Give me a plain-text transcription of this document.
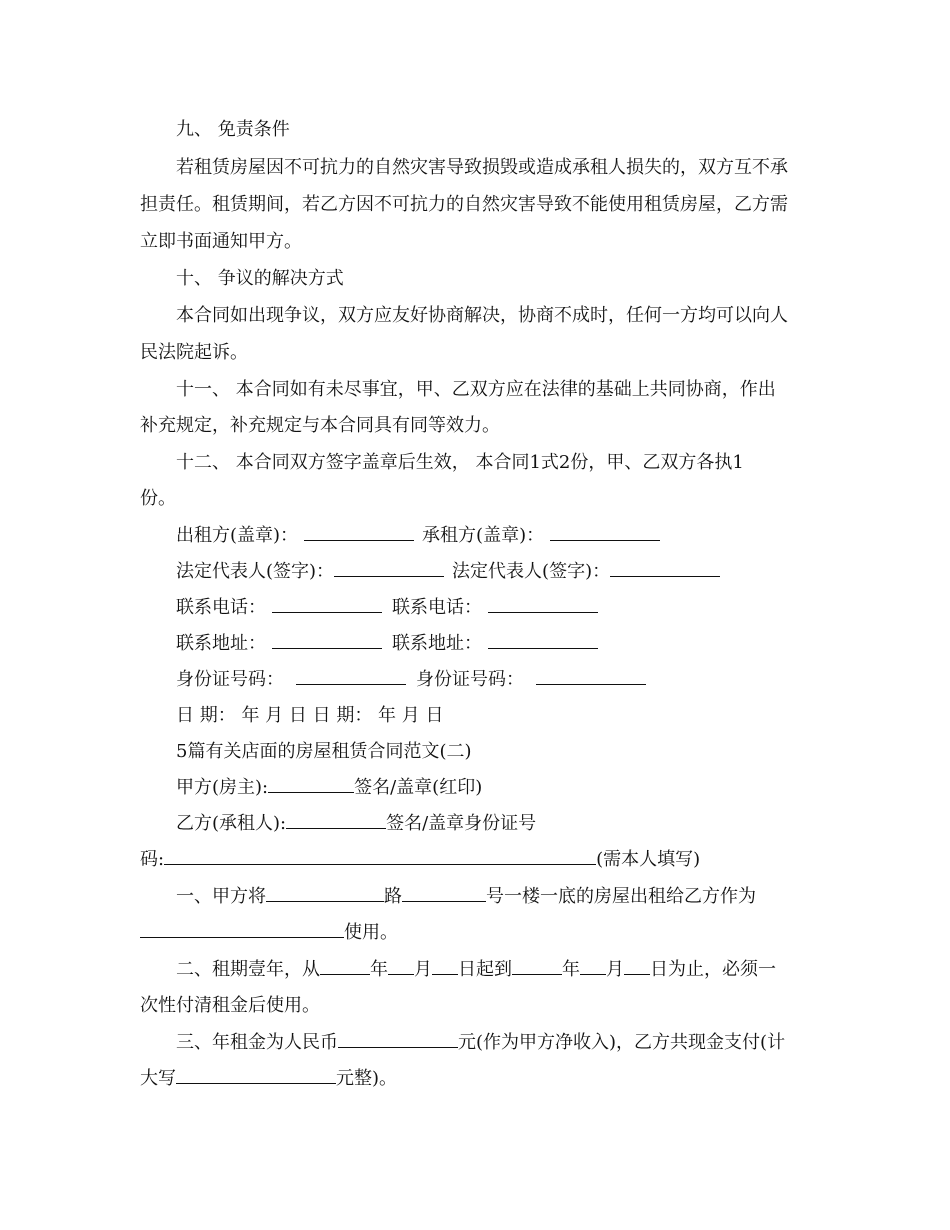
九、 免责条件
若租赁房屋因不可抗力的自然灾害导致损毁或造成承租人损失的，双方互不承
担责任。租赁期间，若乙方因不可抗力的自然灾害导致不能使用租赁房屋，乙方需
立即书面通知甲方。
十、 争议的解决方式
本合同如出现争议，双方应友好协商解决，协商不成时，任何一方均可以向人
民法院起诉。
十一、 本合同如有未尽事宜，甲、乙双方应在法律的基础上共同协商，作出
补充规定，补充规定与本合同具有同等效力。
十二、 本合同双方签字盖章后生效， 本合同1式2份，甲、乙双方各执1
份。
出租方(盖章)：	承租方(盖章)：
法定代表人(签字)：	法定代表人(签字)：
联系电话：	联系电话：
联系地址：	联系地址：
身份证号码：	身份证号码：
日 期： 年 月 日 日 期： 年 月 日
5篇有关店面的房屋租赁合同范文(二)
甲方(房主):	签名/盖章(红印)
乙方(承租人):	签名/盖章身份证号
码:	(需本人填写)
一、甲方将	路	号一楼一底的房屋出租给乙方作为
使用。
二、租期壹年，从	年 月 日起到	年 月 日为止，必须一
次性付清租金后使用。
三、年租金为人民币	元(作为甲方净收入)，乙方共现金支付(计
大写	元整)。
